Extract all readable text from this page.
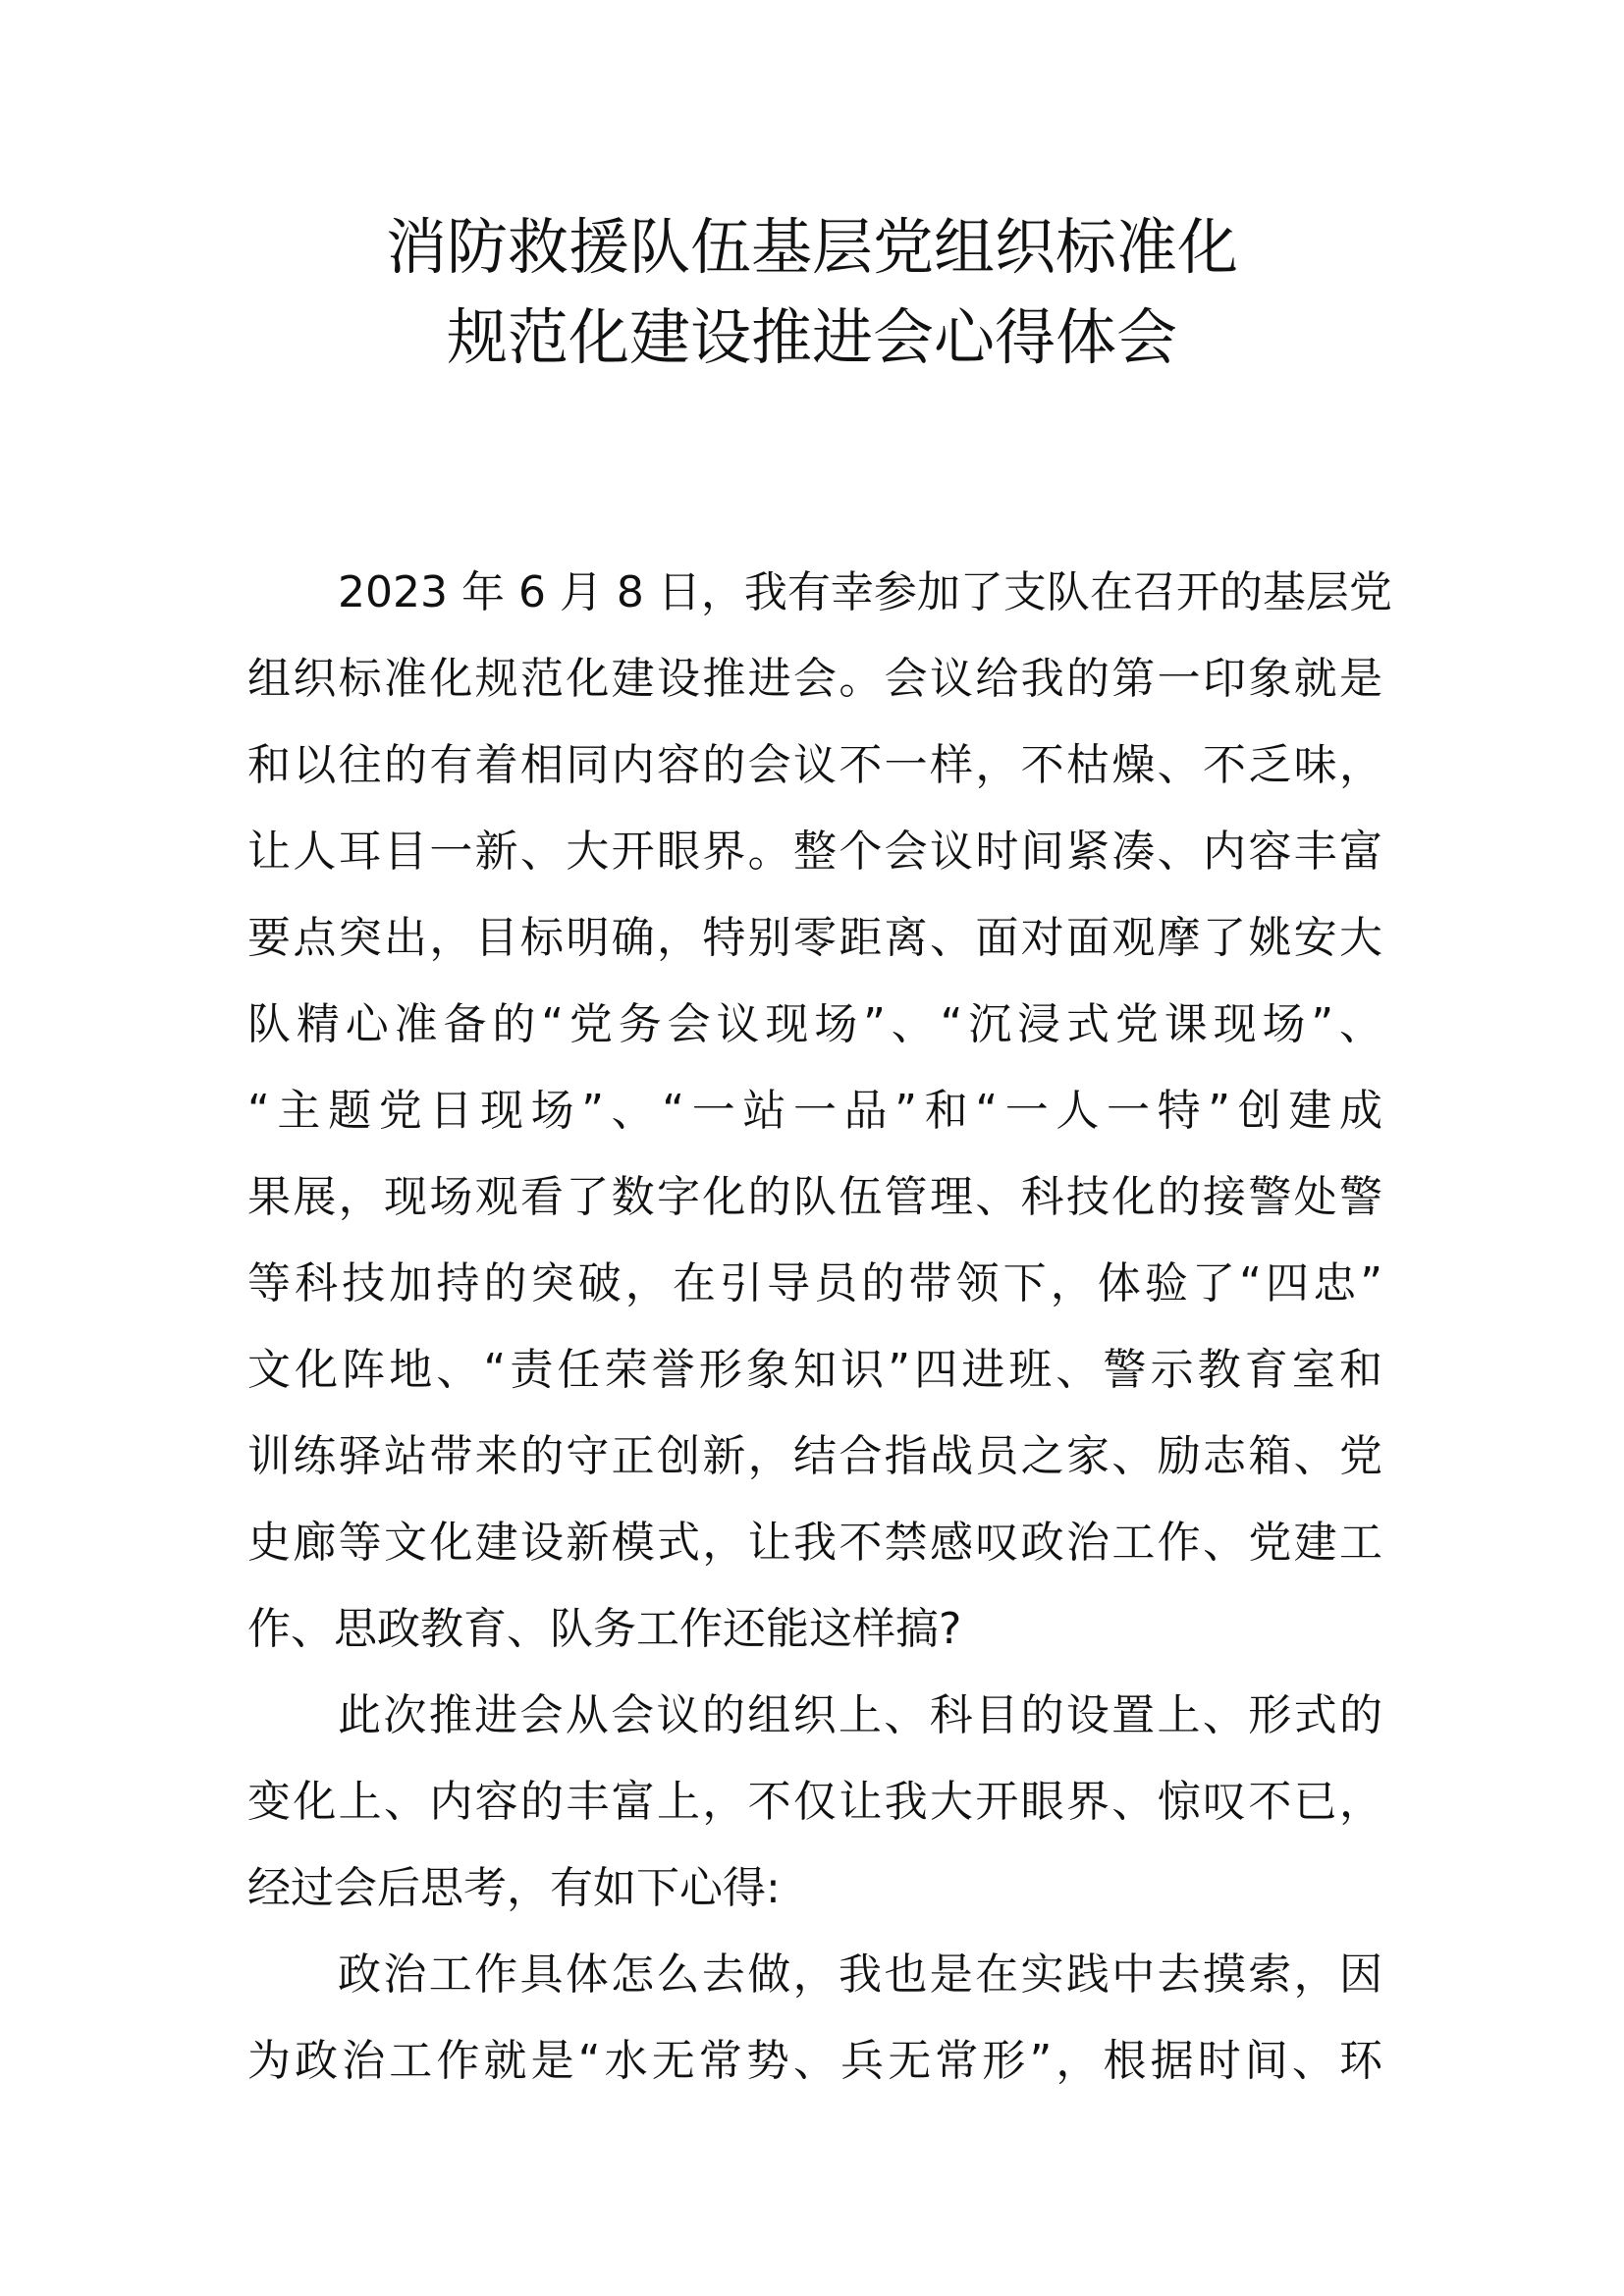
消防救援队伍基层党组织标准化
规范化建设推进会心得体会
2023 年 6 月 8 日，我有幸参加了支队在召开的基层党
组织标准化规范化建设推进会。会议给我的第一印象就是
和以往的有着相同内容的会议不一样，不枯燥、不乏味，
让人耳目一新、大开眼界。整个会议时间紧凑、内容丰富
要点突出，目标明确，特别零距离、面对面观摩了姚安大
队精心准备的“党务会议现场”、“沉浸式党课现场”、
“主题党日现场”、“一站一品”和“一人一特”创建成
果展，现场观看了数字化的队伍管理、科技化的接警处警
等科技加持的突破，在引导员的带领下，体验了“四忠”
文化阵地、“责任荣誉形象知识”四进班、警示教育室和
训练驿站带来的守正创新，结合指战员之家、励志箱、党
史廊等文化建设新模式，让我不禁感叹政治工作、党建工
作、思政教育、队务工作还能这样搞?
此次推进会从会议的组织上、科目的设置上、形式的
变化上、内容的丰富上，不仅让我大开眼界、惊叹不已，
经过会后思考，有如下心得:
政治工作具体怎么去做，我也是在实践中去摸索，因
为政治工作就是“水无常势、兵无常形”，根据时间、环
